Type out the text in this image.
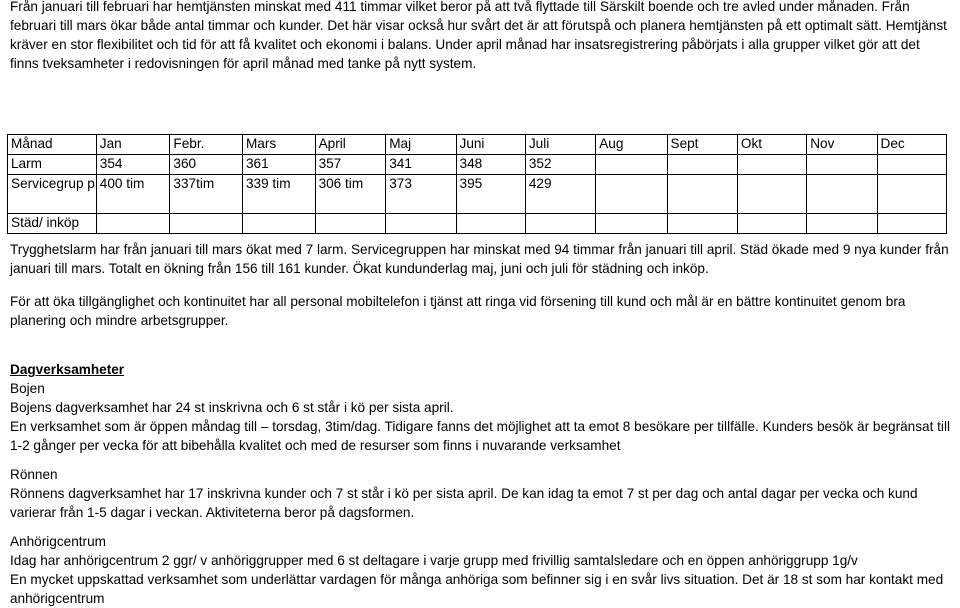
Från januari till februari har hemtjänsten minskat med 411 timmar vilket beror på att två flyttade till Särskilt boende och tre avled under månaden. Från februari till mars ökar både antal timmar och kunder. Det här visar också hur svårt det är att förutspå och planera hemtjänsten på ett optimalt sätt. Hemtjänst kräver en stor flexibilitet och tid för att få kvalitet och ekonomi i balans. Under april månad har insatsregistrering påbörjats i alla grupper vilket gör att det finns tveksamheter i redovisningen för april månad med tanke på nytt system.

Månad	Jan	Febr.	Mars	April	Maj	Juni	Juli	Aug	Sept	Okt	Nov	Dec
Larm	354	360	361	357	341	348	352					
Servicegrup p	400 tim	337tim	339 tim	306 tim	373	395	429					
Städ/ inköp												

Trygghetslarm har från januari till mars ökat med 7 larm. Servicegruppen har minskat med 94 timmar från januari till april. Städ ökade med 9 nya kunder från januari till mars. Totalt en ökning från 156 till 161 kunder. Ökat kundunderlag maj, juni och juli för städning och inköp.

För att öka tillgänglighet och kontinuitet har all personal mobiltelefon i tjänst att ringa vid försening till kund och mål är en bättre kontinuitet genom bra planering och mindre arbetsgrupper.

Dagverksamheter

Bojen

Bojens dagverksamhet har 24 st inskrivna och 6 st står i kö per sista april.

En verksamhet som är öppen måndag till – torsdag, 3tim/dag. Tidigare fanns det möjlighet att ta emot 8 besökare per tillfälle. Kunders besök är begränsat till 1-2 gånger per vecka för att bibehålla kvalitet och med de resurser som finns i nuvarande verksamhet

Rönnen

Rönnens dagverksamhet har 17 inskrivna kunder och 7 st står i kö per sista april. De kan idag ta emot 7 st per dag och antal dagar per vecka och kund varierar från 1-5 dagar i veckan. Aktiviteterna beror på dagsformen.

Anhörigcentrum

Idag har anhörigcentrum 2 ggr/ v anhöriggrupper med 6 st deltagare i varje grupp med frivillig samtalsledare och en öppen anhöriggrupp 1g/v

En mycket uppskattad verksamhet som underlättar vardagen för många anhöriga som befinner sig i en svår livs situation. Det är 18 st som har kontakt med anhörigcentrum
